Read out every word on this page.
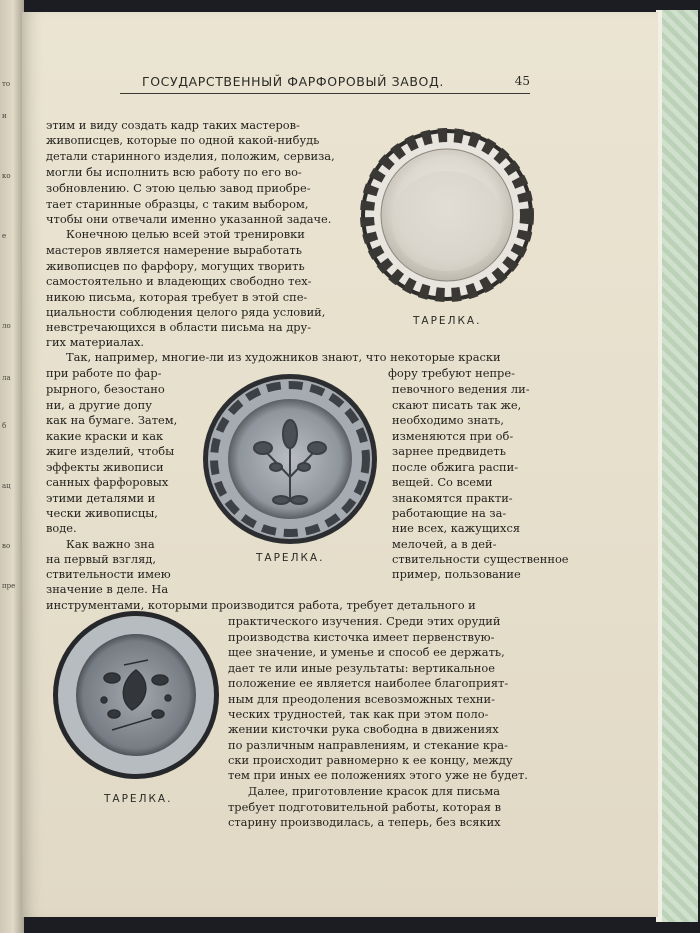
то
и
ко
е
ло
ла
б
ац
во
пре
ГОСУДАРСТВЕННЫЙ ФАРФОРОВЫЙ ЗАВОД.	45
ТАРЕЛКА.
ТАРЕЛКА.
ТАРЕЛКА.
этим и виду создать кадр таких мастеров-
живописцев, которые по одной какой-нибудь
детали старинного изделия, положим, сервиза,
могли бы исполнить всю работу по его во-
зобновлению. С этою целью завод приобре-
тает старинные образцы, с таким выбором,
чтобы они отвечали именно указанной задаче.
Конечною целью всей этой тренировки
мастеров является намерение выработать
живописцев по фарфору, могущих творить
самостоятельно и владеющих свободно тех-
никою письма, которая требует в этой спе-
циальности соблюдения целого ряда условий,
невстречающихся в области письма на дру-
гих материалах.
Так, например, многие-ли из художников знают, что некоторые краски
при работе по фар-
рырного, безостано
ни, а другие допу
как на бумаге. Затем,
какие краски и как
жиге изделий, чтобы
эффекты живописи
санных фарфоровых
этими деталями и
чески живописцы,
воде.
Как важно зна
на первый взгляд,
ствительности имею
значение в деле. На
фору требуют непре-
певочного ведения ли-
скают писать так же,
необходимо знать,
изменяются при об-
зарнее предвидеть
после обжига распи-
вещей. Со всеми
знакомятся практи-
работающие на за-
ние всех, кажущихся
мелочей, а в дей-
ствительности существенное
пример, пользование
инструментами, которыми производится работа, требует детального и
практического изучения. Среди этих орудий
производства кисточка имеет первенствую-
щее значение, и уменье и способ ее держать,
дает те или иные результаты: вертикальное
положение ее является наиболее благоприят-
ным для преодоления всевозможных техни-
ческих трудностей, так как при этом поло-
жении кисточки рука свободна в движениях
по различным направлениям, и стекание кра-
ски происходит равномерно к ее концу, между
тем при иных ее положениях этого уже не будет.
Далее, приготовление красок для письма
требует подготовительной работы, которая в
старину производилась, а теперь, без всяких
